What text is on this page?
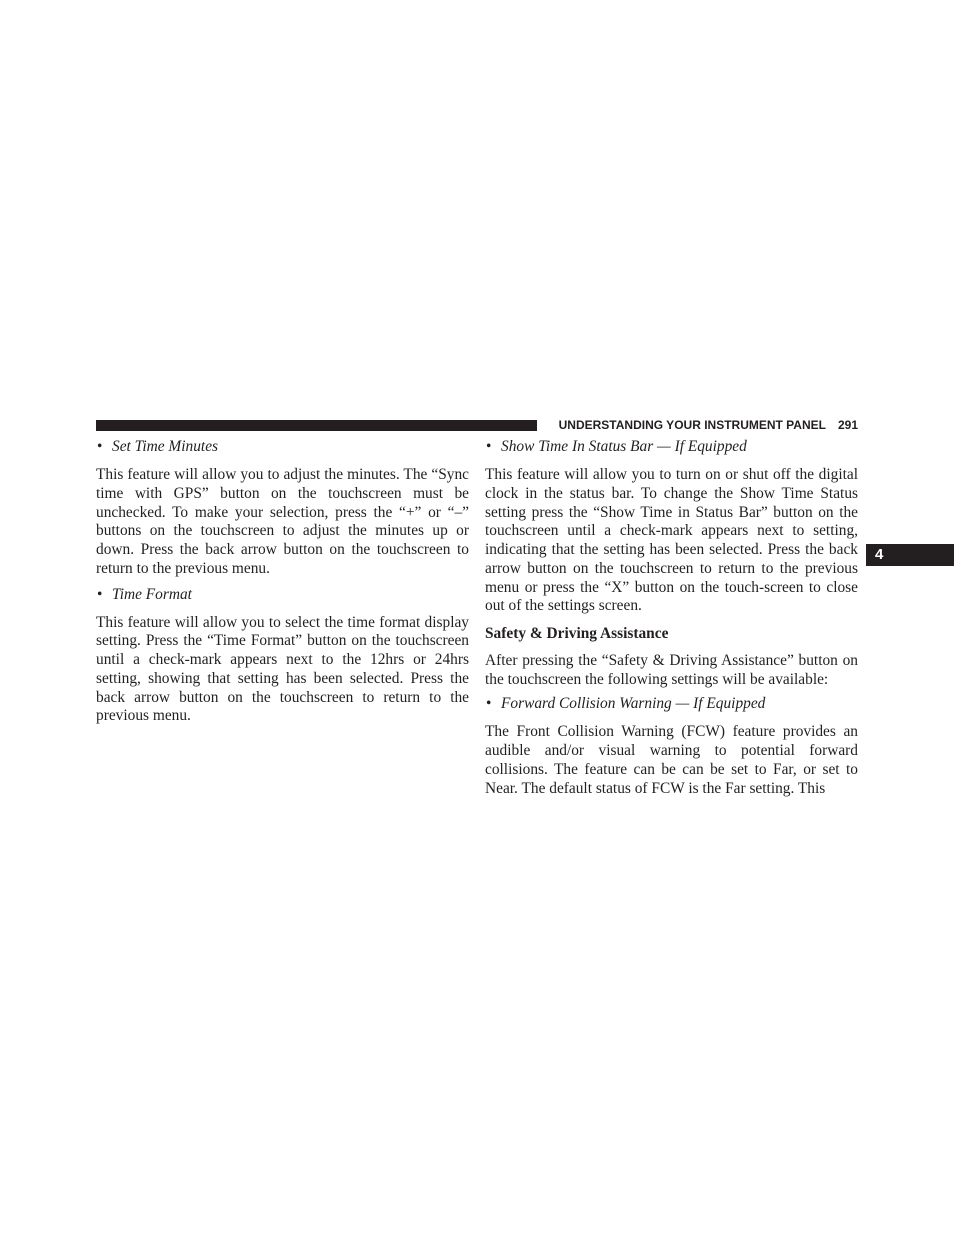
UNDERSTANDING YOUR INSTRUMENT PANEL 291
4
• Set Time Minutes

This feature will allow you to adjust the minutes. The “Sync time with GPS” button on the touchscreen must be unchecked. To make your selection, press the “+” or “–” buttons on the touchscreen to adjust the minutes up or down. Press the back arrow button on the touchscreen to return to the previous menu.

• Time Format

This feature will allow you to select the time format display setting. Press the “Time Format” button on the touchscreen until a check-mark appears next to the 12hrs or 24hrs setting, showing that setting has been selected. Press the back arrow button on the touchscreen to return to the previous menu.

• Show Time In Status Bar — If Equipped

This feature will allow you to turn on or shut off the digital clock in the status bar. To change the Show Time Status setting press the “Show Time in Status Bar” button on the touchscreen until a check-mark appears next to setting, indicating that the setting has been selected. Press the back arrow button on the touchscreen to return to the previous menu or press the “X” button on the touch-screen to close out of the settings screen.

Safety & Driving Assistance

After pressing the “Safety & Driving Assistance” button on the touchscreen the following settings will be available:

• Forward Collision Warning — If Equipped

The Front Collision Warning (FCW) feature provides an audible and/or visual warning to potential forward collisions. The feature can be can be set to Far, or set to Near. The default status of FCW is the Far setting. This
